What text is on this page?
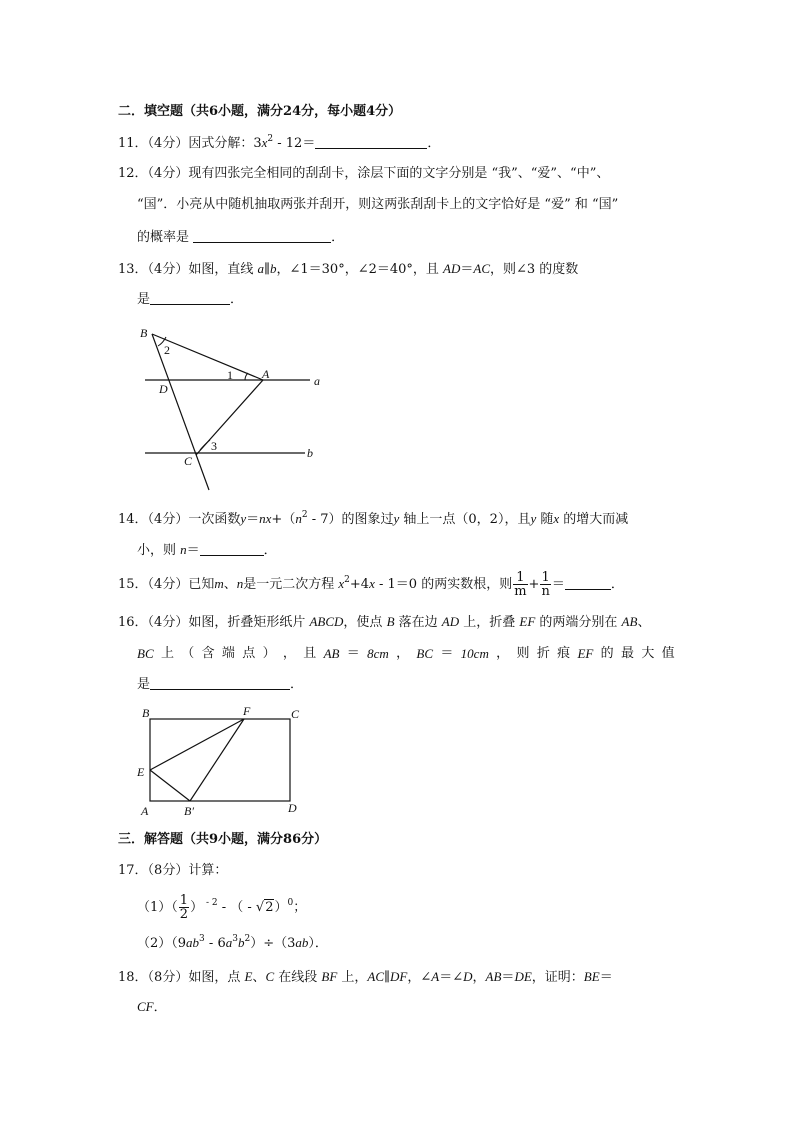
二．填空题（共6小题，满分24分，每小题4分）
11．（4分）因式分解：$3x^2 - 12=$	．
12．（4分）现有四张完全相同的刮刮卡，涂层下面的文字分别是 “我”、“爱”、“中”、
“国”．小亮从中随机抽取两张并刮开，则这两张刮刮卡上的文字恰好是 “爱” 和 “国”
的概率是	．
13．（4分）如图，直线 a∥b，∠1＝30°，∠2＝40°，且 AD＝AC，则∠3 的度数
是	．
B
2
D
1 A	a
3
C
b
14．（4分）一次函数$y=nx+(n^2 - 7)$的图象过y 轴上一点（0，2），且y 随x 的增大而减
小，则 n＝	．
15．（4分）已知m、n是一元二次方程 $x^2+4x - 1=0$ 的两实数根，则 $\frac{1}{m} + \frac{1}{n}$ ＝	．
16．（4分）如图，折叠矩形纸片 ABCD，使点 B 落在边 AD 上，折叠 EF 的两端分别在 AB、
BC 上 （ 含 端 点 ） ， 且 AB ＝ 8cm ， BC ＝ 10cm ， 则 折 痕 EF 的 最 大 值
是	．
B	F	C
E
A	B′	D
三．解答题（共9小题，满分86分）
17．（8分）计算：
$(1)( \frac{1}{2}$ ） $^{- 2}$ - （ - √2）$^0$；
$(2)(9ab^3 - 6a^3b^2)\div(3ab)$．
18．（8分）如图，点 E、C 在线段 BF 上，AC∥DF，∠A＝∠D，AB＝DE，证明：BE＝
CF．
